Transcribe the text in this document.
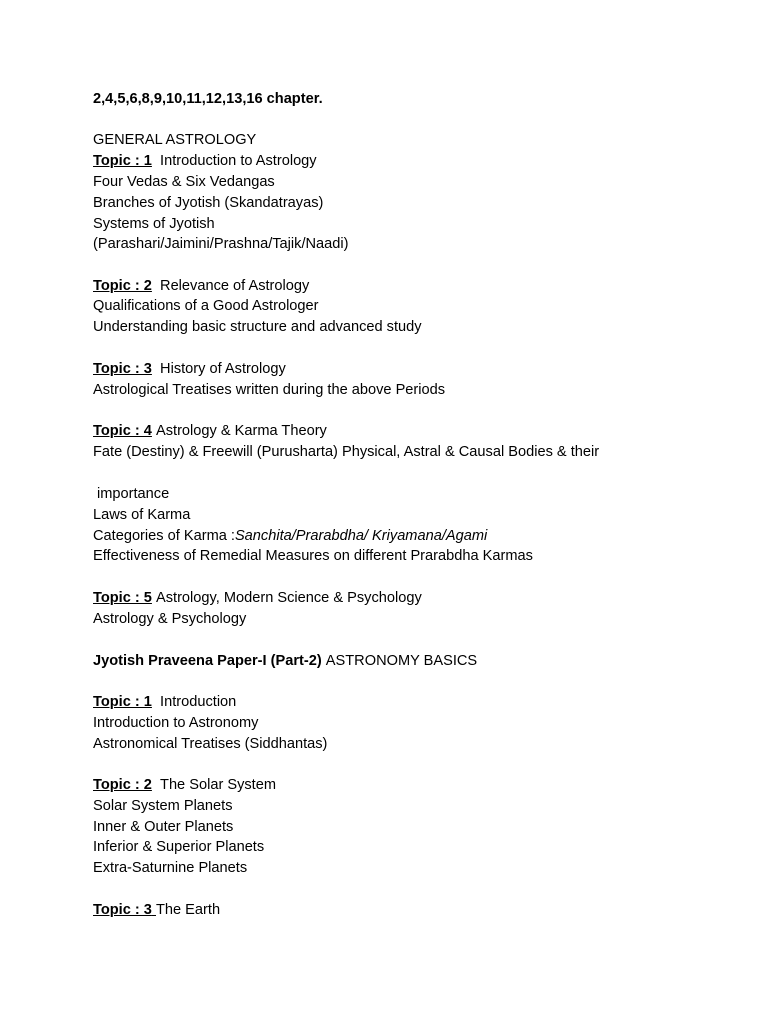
2,4,5,6,8,9,10,11,12,13,16 chapter.
GENERAL ASTROLOGY
Topic : 1 Introduction to Astrology
Four Vedas & Six Vedangas
Branches of Jyotish (Skandatrayas)
Systems of Jyotish
(Parashari/Jaimini/Prashna/Tajik/Naadi)
Topic : 2 Relevance of Astrology
Qualifications of a Good Astrologer
Understanding basic structure and advanced study
Topic : 3 History of Astrology
Astrological Treatises written during the above Periods
Topic : 4 Astrology & Karma Theory
Fate (Destiny) & Freewill (Purusharta) Physical, Astral & Causal Bodies & their
importance
Laws of Karma
Categories of Karma :Sanchita/Prarabdha/ Kriyamana/Agami
Effectiveness of Remedial Measures on different Prarabdha Karmas
Topic : 5 Astrology, Modern Science & Psychology
Astrology & Psychology
Jyotish Praveena Paper-I (Part-2) ASTRONOMY BASICS
Topic : 1 Introduction
Introduction to Astronomy
Astronomical Treatises (Siddhantas)
Topic : 2 The Solar System
Solar System Planets
Inner & Outer Planets
Inferior & Superior Planets
Extra-Saturnine Planets
Topic : 3 The Earth
